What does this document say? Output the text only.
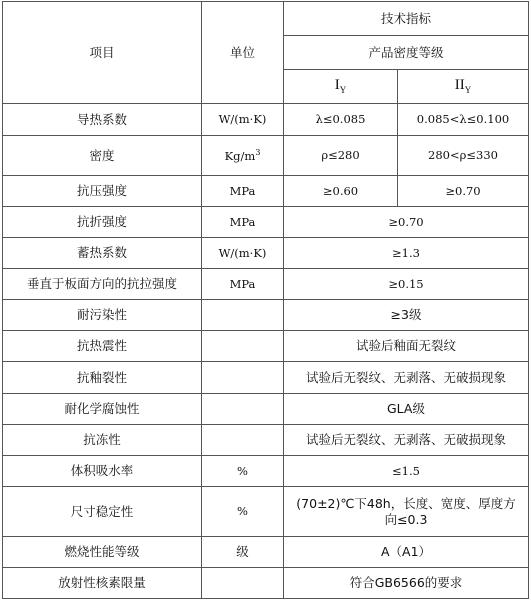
项目	单位	技术指标	
		产品密度等级	
		$I_Y$	$II_Y$
导热系数	W/(m·K)	λ≤0.085	0.085<λ≤0.100
密度	$Kg/m^3$	ρ≤280	280<ρ≤330
抗压强度	MPa	≥0.60	≥0.70
抗折强度	MPa	≥0.70	
蓄热系数	W/(m·K)	≥1.3	
垂直于板面方向的抗拉强度	MPa	≥0.15	
耐污染性		≥3级	
抗热震性		试验后釉面无裂纹	
抗釉裂性		试验后无裂纹、无剥落、无破损现象	
耐化学腐蚀性		GLA级	
抗冻性		试验后无裂纹、无剥落、无破损现象	
体积吸水率	%	≤1.5	
尺寸稳定性	%	(70±2)℃下48h，长度、宽度、厚度方向≤0.3	
燃烧性能等级	级	A（A1）	
放射性核素限量		符合GB6566的要求	
